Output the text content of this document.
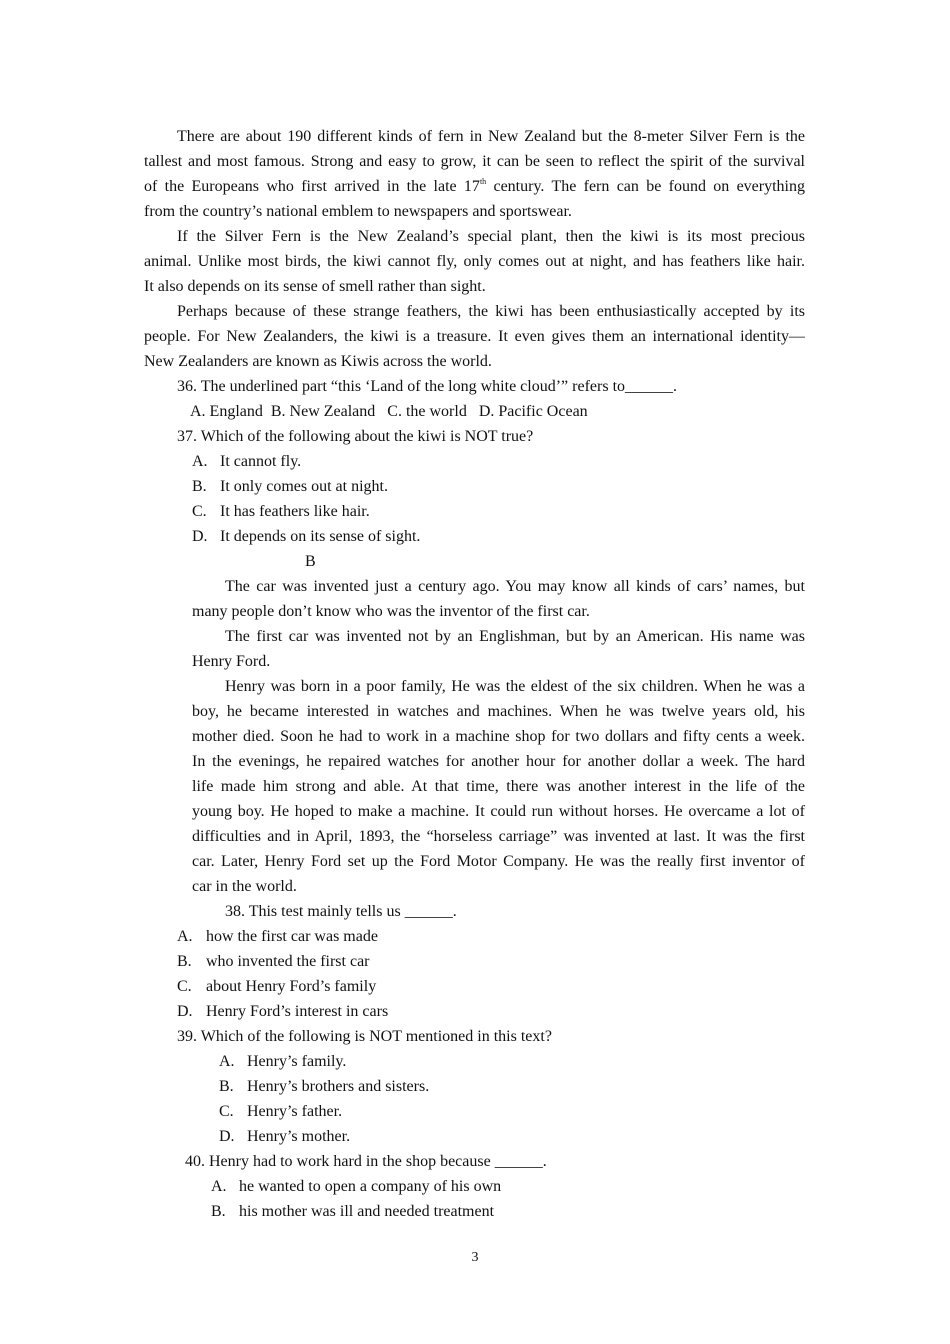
There are about 190 different kinds of fern in New Zealand but the 8-meter Silver Fern is the
tallest and most famous. Strong and easy to grow, it can be seen to reflect the spirit of the survival
of the Europeans who first arrived in the late 17th century. The fern can be found on everything
from the country’s national emblem to newspapers and sportswear.
If the Silver Fern is the New Zealand’s special plant, then the kiwi is its most precious
animal. Unlike most birds, the kiwi cannot fly, only comes out at night, and has feathers like hair.
It also depends on its sense of smell rather than sight.
Perhaps because of these strange feathers, the kiwi has been enthusiastically accepted by its
people. For New Zealanders, the kiwi is a treasure. It even gives them an international identity—
New Zealanders are known as Kiwis across the world.
36. The underlined part “this ‘Land of the long white cloud’” refers to______.
A. England  B. New Zealand   C. the world   D. Pacific Ocean
37. Which of the following about the kiwi is NOT true?
A. It cannot fly.
B. It only comes out at night.
C. It has feathers like hair.
D. It depends on its sense of sight.
B
The car was invented just a century ago. You may know all kinds of cars’ names, but
many people don’t know who was the inventor of the first car.
The first car was invented not by an Englishman, but by an American. His name was
Henry Ford.
Henry was born in a poor family, He was the eldest of the six children. When he was a
boy, he became interested in watches and machines. When he was twelve years old, his
mother died. Soon he had to work in a machine shop for two dollars and fifty cents a week.
In the evenings, he repaired watches for another hour for another dollar a week. The hard
life made him strong and able. At that time, there was another interest in the life of the
young boy. He hoped to make a machine. It could run without horses. He overcame a lot of
difficulties and in April, 1893, the “horseless carriage” was invented at last. It was the first
car. Later, Henry Ford set up the Ford Motor Company. He was the really first inventor of
car in the world.
38. This test mainly tells us ______.
A. how the first car was made
B. who invented the first car
C. about Henry Ford’s family
D. Henry Ford’s interest in cars
39. Which of the following is NOT mentioned in this text?
A. Henry’s family.
B. Henry’s brothers and sisters.
C. Henry’s father.
D. Henry’s mother.
40. Henry had to work hard in the shop because ______.
A. he wanted to open a company of his own
B. his mother was ill and needed treatment
3
